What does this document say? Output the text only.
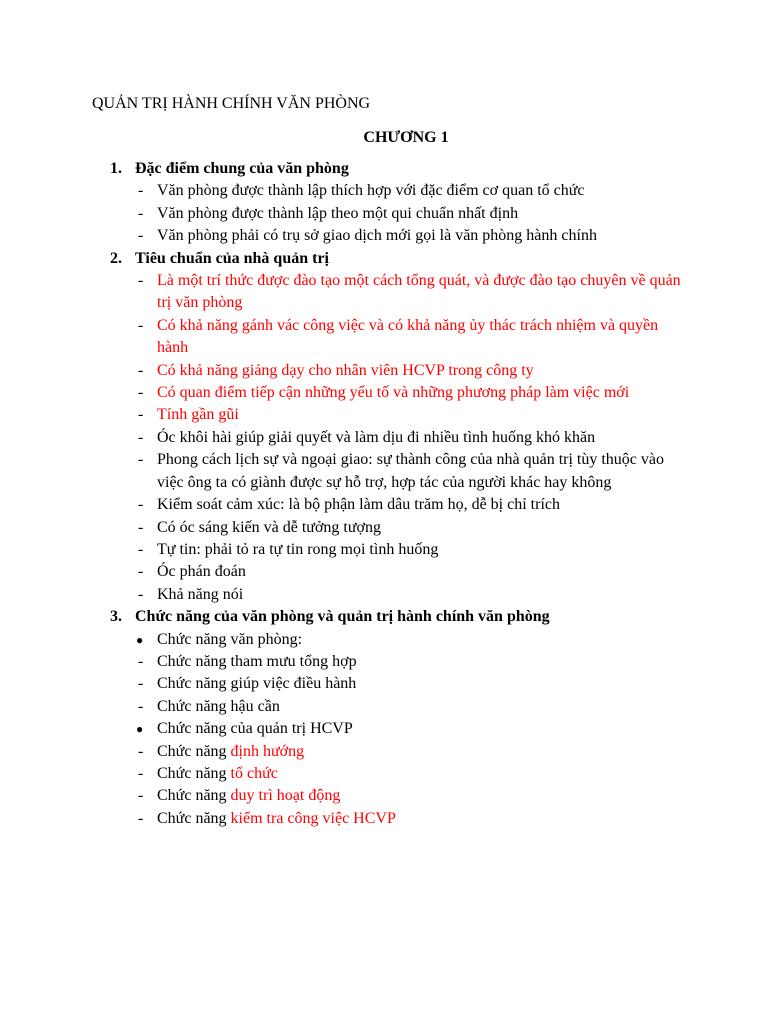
QUẢN TRỊ HÀNH CHÍNH VĂN PHÒNG
CHƯƠNG 1
1. Đặc điểm chung của văn phòng
- Văn phòng được thành lập thích hợp với đặc điểm cơ quan tổ chức
- Văn phòng được thành lập theo một qui chuẩn nhất định
- Văn phòng phải có trụ sở giao dịch mới gọi là văn phòng hành chính
2. Tiêu chuẩn của nhà quản trị
- Là một trí thức được đào tạo một cách tổng quát, và được đào tạo chuyên về quản trị văn phòng
- Có khả năng gánh vác công việc và có khả năng ủy thác trách nhiệm và quyền hành
- Có khả năng giảng dạy cho nhân viên HCVP trong công ty
- Có quan điểm tiếp cận những yếu tố và những phương pháp làm việc mới
- Tính gần gũi
- Óc khôi hài giúp giải quyết và làm dịu đi nhiều tình huống khó khăn
- Phong cách lịch sự và ngoại giao: sự thành công của nhà quản trị tùy thuộc vào việc ông ta có giành được sự hỗ trợ, hợp tác của người khác hay không
- Kiểm soát cảm xúc: là bộ phận làm dâu trăm họ, dễ bị chỉ trích
- Có óc sáng kiến và dễ tưởng tượng
- Tự tin: phải tỏ ra tự tin rong mọi tình huống
- Óc phán đoán
- Khả năng nói
3. Chức năng của văn phòng và quản trị hành chính văn phòng
● Chức năng văn phòng:
- Chức năng tham mưu tổng hợp
- Chức năng giúp việc điều hành
- Chức năng hậu cần
● Chức năng của quản trị HCVP
- Chức năng định hướng
- Chức năng tổ chức
- Chức năng duy trì hoạt động
- Chức năng kiểm tra công việc HCVP
